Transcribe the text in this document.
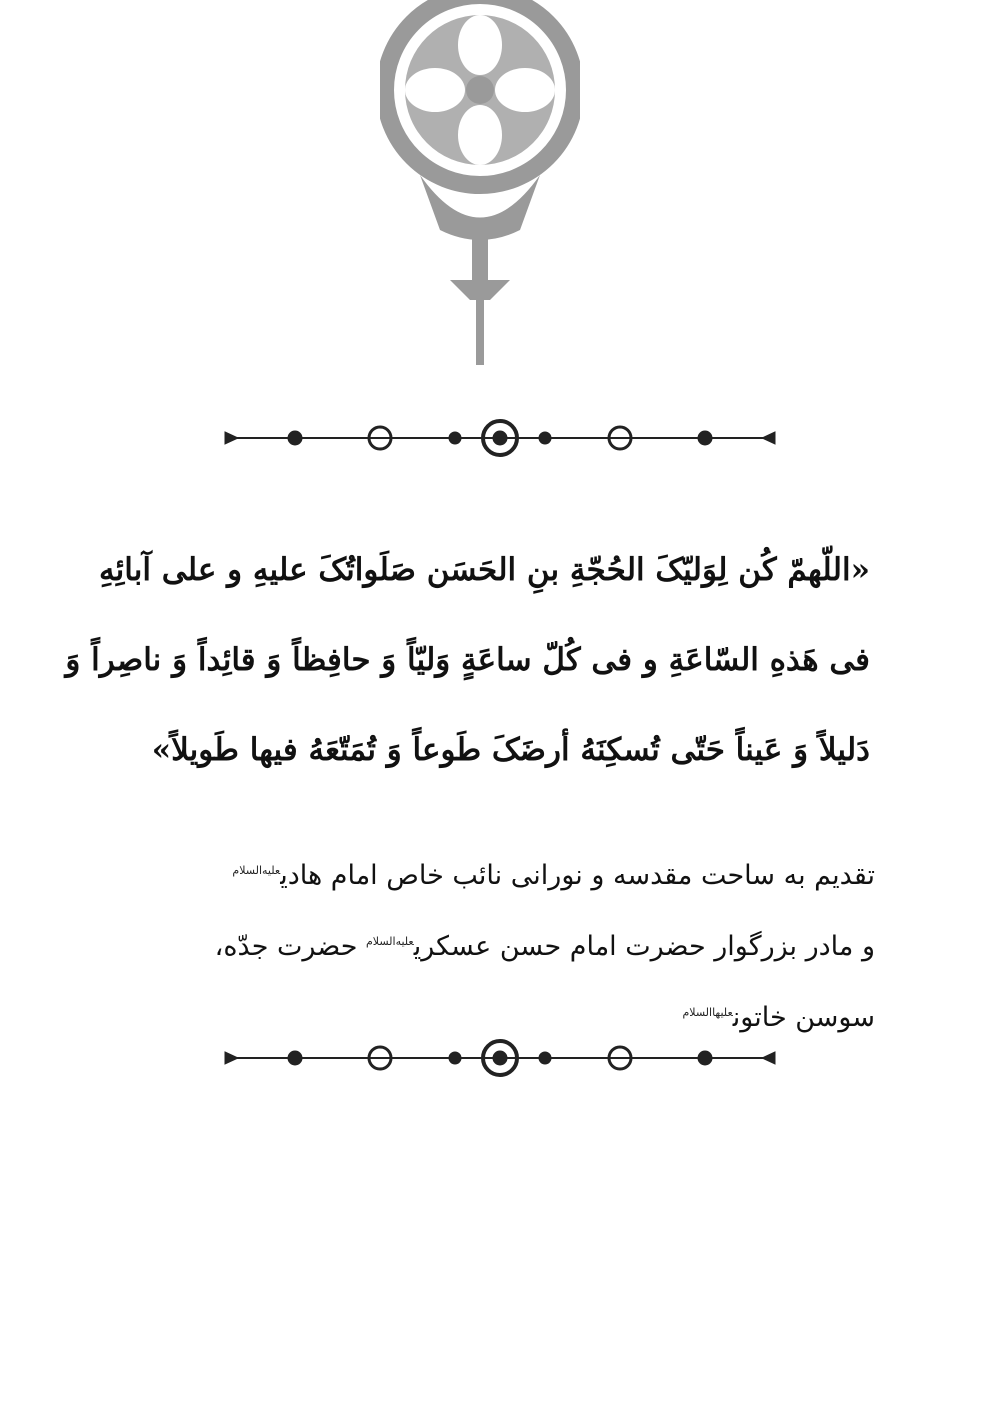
«اللّهمّ کُن لِوَلیّکَ الحُجّةِ بنِ الحَسَن صَلَواتُکَ علیهِ و علی آبائِهِ
فی هَذهِ السّاعَةِ و فی کُلّ ساعَةٍ وَلیّاً وَ حافِظاً وَ قائِداً وَ ناصِراً وَ
دَلیلاً وَ عَیناً حَتّی تُسکِنَهُ أرضَکَ طَوعاً وَ تُمَتّعَهُ فیها طَویلاً»
تقدیم به ساحت مقدسه و نورانی نائب خاص امام هادی$^{علیه‌السلام}$
و مادر بزرگوار حضرت امام حسن عسکری$^{علیه‌السلام}$ حضرت جدّه،
سوسن خاتون$^{علیهاالسلام}$
